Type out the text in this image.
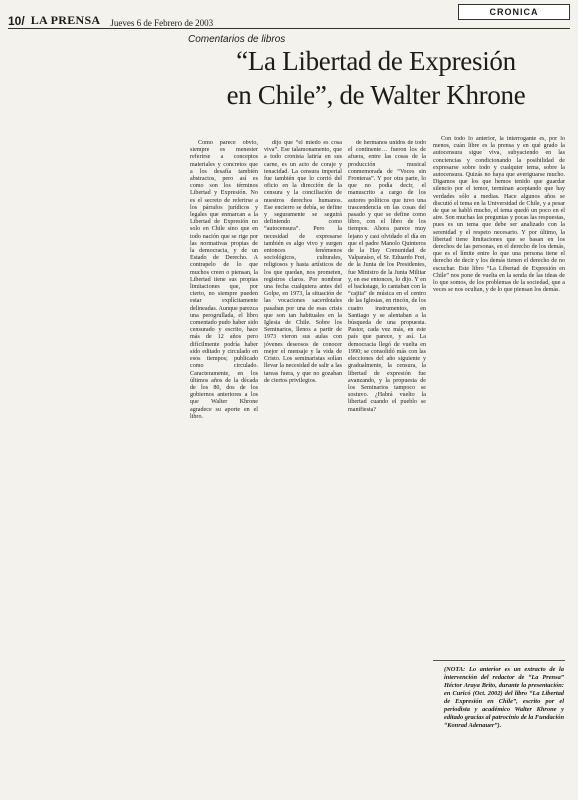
10/ LA PRENSA Jueves 6 de Febrero de 2003
CRONICA
Comentarios de libros
“La Libertad de Expresión
en Chile”, de Walter Khrone

Como parece obvio, siempre es menester referirse a conceptos materiales y concretos que a los desafía también abstractos, pero así es como son los términos Libertad y Expresión. No es el secreto de referirse a los párrafos jurídicos y legales que enmarcan a la Libertad de Expresión no solo en Chile sino que en todo nación que se rige por las normativas propias de la democracia, y de un Estado de Derecho. A contrapelo de lo que muchos creen o piensan, la Libertad tiene sus propias limitaciones que, por cierto, no siempre pueden estar explícitamente delineadas. Aunque parezca una perogrullada, el libro comentado pudo haber sido censurado y escrito, hace más de 12 años pero difícilmente podría haber sido editado y circulado en esos tiempos; publicado como circulado. Caracteramente, en los últimos años de la década de los 80, dos de los gobiernos anteriores a los que Walter Khrone agradece su aporte en el libro.

dijo que “el miedo es cosa viva”. Ese talamonamento, que a todo cronista latiría en sus carne, es un acto de coraje y tenacidad. La censura imperial fue también que lo corrió del oficio en la dirección de la censura y la conciliación de nuestros derechos humanos. Ese encierro se debía, se define y seguramente se seguirá definiendo como “autocensura”. Pero la necesidad de expresarse también es algo vivo y surgen entonces fenómenos sociológicos, culturales, religiosos y hasta artísticos de los que quedan, nos prometen, registros claros. Por nombrar una fecha cualquiera antes del Golpe, en 1973, la situación de las vocaciones sacerdotales pasaban por una de esas crisis que son tan habituales en la Iglesia de Chile. Sobre los Seminarios, llenos a partir de 1973 vieron sus aulas con jóvenes deseosos de conocer mejor el mensaje y la vida de Cristo. Los seminaristas solían llevar la necesidad de salir a las tareas fuera, y que no gozaban de ciertos privilegios.

de hermanos unidos de todo el continente… fueron los de afuera, entre las cosas de la producción musical conmemorada de “Voces sin Fronteras”. Y por otra parte, lo que no podía decir, el manuscrito a cargo de los autores políticos que tuvo una trascendencia en las cosas del pasado y que se define como libro, con el libro de los tiempos. Ahora parece muy lejano y casi olvidado el día en que el padre Manolo Quinteros de la Hay Comunidad de Valparaíso, el Sr. Eduardo Frei, de la Junta de los Presidentes, fue Ministro de la Junta Militar y, en ese entonces, lo dijo. Y en el backstage, lo cantaban con la “cajita” de música en el centro de las Iglesias, en rincón, de los cuatro instrumentos, en Santiago y se alentaban a la búsqueda de una propuesta. Pastor, cada vez más, en este país que parece, y así. La democracia llegó de vuelta en 1990; se consolidó más con las elecciones del año siguiente y gradualmente, la censura, la libertad de expresión fue avanzando, y la propuesta de los Seminarios tampoco se sostuvo. ¿Habrá vuelto la libertad cuando el pueblo se manifiesta?

Con todo lo anterior, la interrogante es, por lo menos, cuán libre es la prensa y en qué grado la autocensura sigue viva, subyaciendo en las conciencias y condicionando la posibilidad de expresarse sobre todo y cualquier tema, sobre la autocensura. Quizás no haya que averiguarse mucho. Digamos que los que hemos tenido que guardar silencio por el temor, terminan aceptando que hay verdades sólo a medias. Hace algunos años se discutió el tema en la Universidad de Chile, y a pesar de que se habló mucho, el tema quedó un poco en el aire. Son muchas las preguntas y pocas las respuestas, pues es un tema que debe ser analizado con la serenidad y el respeto necesario. Y por último, la libertad tiene limitaciones que se basan en los derechos de las personas, en el derecho de los demás, que es el límite entre lo que una persona tiene el derecho de decir y los demás tienen el derecho de no escuchar. Este libro “La Libertad de Expresión en Chile” nos pone de vuelta en la senda de las ideas de lo que somos, de los problemas de la sociedad, que a veces se nos ocultan, y de lo que piensan los demás.

(NOTA: Lo anterior es un extracto de la intervención del redactor de “La Prensa” Héctor Araya Brito, durante la presentación: en Curicó (Oct. 2002) del libro “La Libertad de Expresión en Chile”, escrito por el periodista y académico Walter Khrone y editado gracias al patrocinio de la Fundación “Konrad Adenauer”).
